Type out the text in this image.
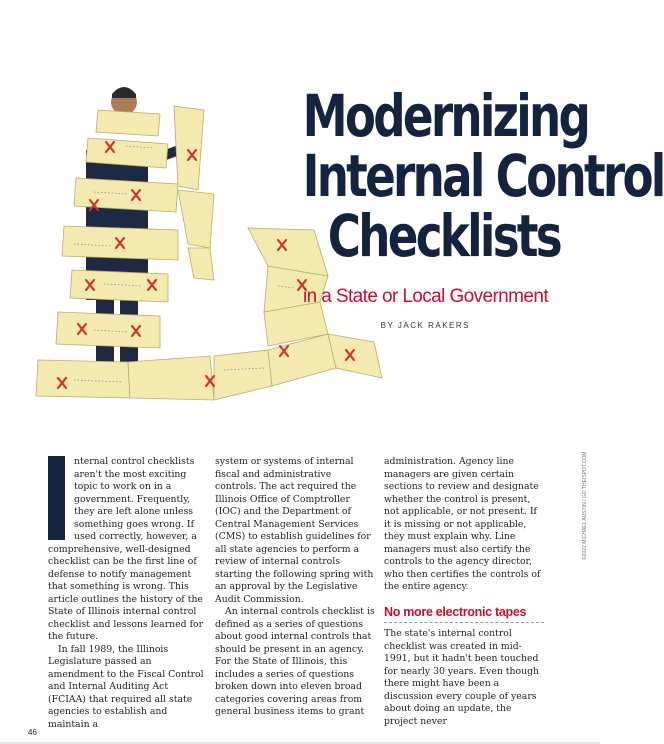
Modernizing
Internal Control
Checklists
in a State or Local Government
BY JACK RAKERS

nternal control checklists aren't the most exciting topic to work on in a government. Frequently, they are left alone unless something goes wrong. If used correctly, however, a comprehensive, well-designed checklist can be the first line of defense to notify management that something is wrong. This article outlines the history of the State of Illinois internal control checklist and lessons learned for the future.

In fall 1989, the Illinois Legislature passed an amendment to the Fiscal Control and Internal Auditing Act (FCIAA) that required all state agencies to establish and maintain a

system or systems of internal fiscal and administrative controls. The act required the Illinois Office of Comptroller (IOC) and the Department of Central Management Services (CMS) to establish guidelines for all state agencies to perform a review of internal controls starting the following spring with an approval by the Legislative Audit Commission.

An internal controls checklist is defined as a series of questions about good internal controls that should be present in an agency. For the State of Illinois, this includes a series of questions broken down into eleven broad categories covering areas from general business items to grant

administration. Agency line managers are given certain sections to review and designate whether the control is present, not applicable, or not present. If it is missing or not applicable, they must explain why. Line managers must also certify the controls to the agency director, who then certifies the controls of the entire agency.

No more electronic tapes

The state's internal control checklist was created in mid-1991, but it hadn't been touched for nearly 30 years. Even though there might have been a discussion every couple of years about doing an update, the project never

©2022 MICHAEL AUSTIN / GO THEISPOT.COM
46
